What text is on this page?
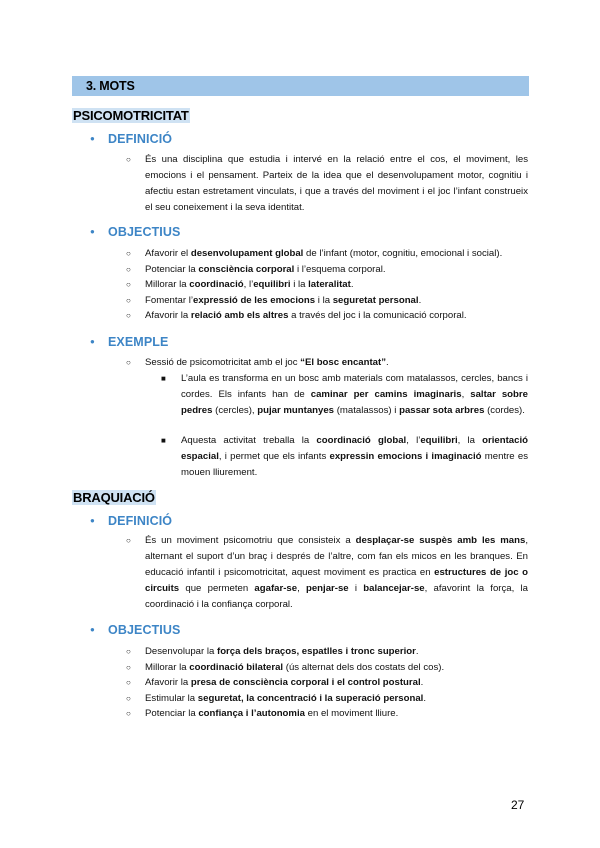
3. MOTS
PSICOMOTRICITAT
● DEFINICIÓ
○ És una disciplina que estudia i intervé en la relació entre el cos, el moviment, les emocions i el pensament. Parteix de la idea que el desenvolupament motor, cognitiu i afectiu estan estretament vinculats, i que a través del moviment i el joc l’infant construeix el seu coneixement i la seva identitat.
● OBJECTIUS
○ Afavorir el desenvolupament global de l’infant (motor, cognitiu, emocional i social).
○ Potenciar la consciència corporal i l’esquema corporal.
○ Millorar la coordinació, l’equilibri i la lateralitat.
○ Fomentar l’expressió de les emocions i la seguretat personal.
○ Afavorir la relació amb els altres a través del joc i la comunicació corporal.
● EXEMPLE
○ Sessió de psicomotricitat amb el joc “El bosc encantat”.
■ L’aula es transforma en un bosc amb materials com matalassos, cercles, bancs i cordes. Els infants han de caminar per camins imaginaris, saltar sobre pedres (cercles), pujar muntanyes (matalassos) i passar sota arbres (cordes).
■ Aquesta activitat treballa la coordinació global, l’equilibri, la orientació espacial, i permet que els infants expressin emocions i imaginació mentre es mouen lliurement.
BRAQUIACIÓ
● DEFINICIÓ
○ És un moviment psicomotriu que consisteix a desplaçar-se suspès amb les mans, alternant el suport d’un braç i després de l’altre, com fan els micos en les branques. En educació infantil i psicomotricitat, aquest moviment es practica en estructures de joc o circuits que permeten agafar-se, penjar-se i balancejar-se, afavorint la força, la coordinació i la confiança corporal.
● OBJECTIUS
○ Desenvolupar la força dels braços, espatlles i tronc superior.
○ Millorar la coordinació bilateral (ús alternat dels dos costats del cos).
○ Afavorir la presa de consciència corporal i el control postural.
○ Estimular la seguretat, la concentració i la superació personal.
○ Potenciar la confiança i l’autonomia en el moviment lliure.
27
